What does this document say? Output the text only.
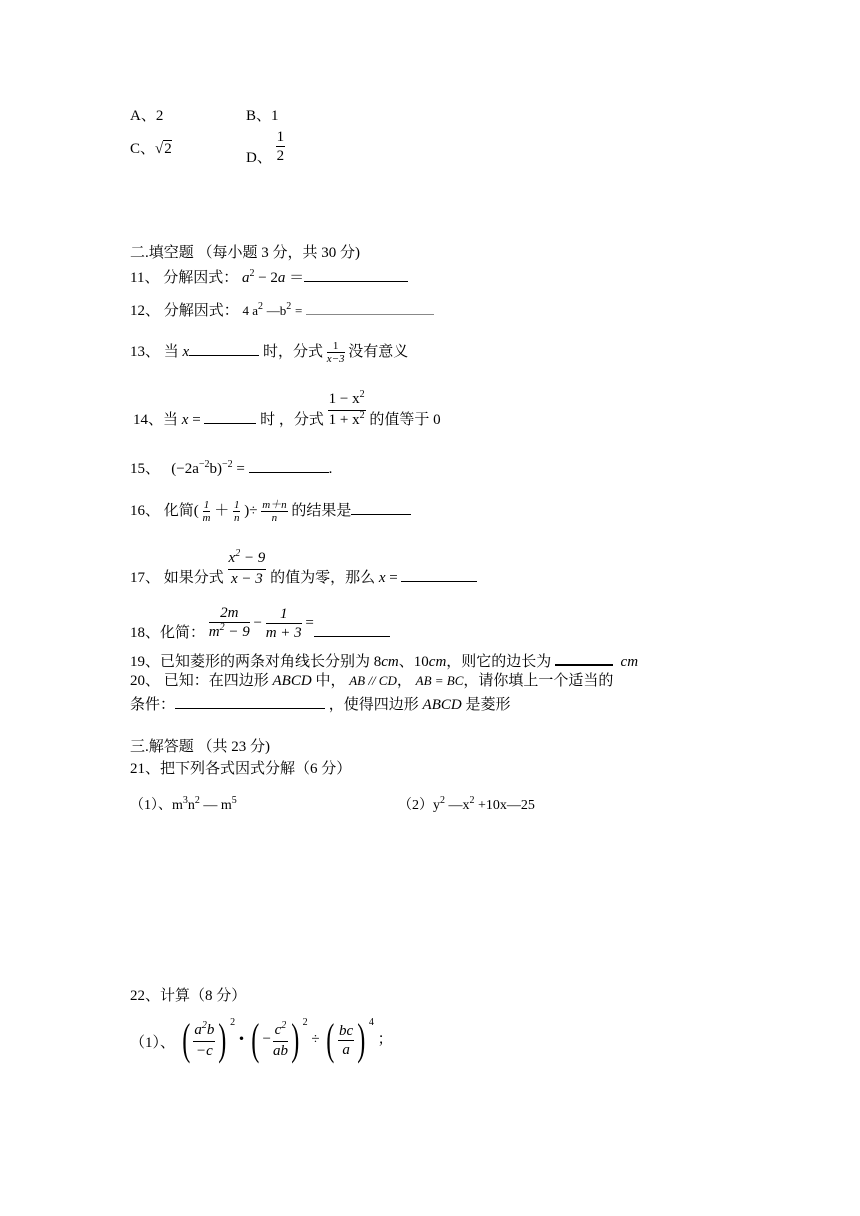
A、2	B、1
C、√2
D、 $\frac{1}{2}$
二.填空题 （每小题 3 分，共 30 分)
11、 分解因式： $a^2 - 2a$ ＝
12、 分解因式： 4 $a^2$ $—b^2$ =
13、 当 x	时，分式 $\frac{1}{x-3}$ 没有意义
14、当 x =	时 ，分式 $\frac{1 - x^2}{1 + x^2}$ 的值等于 0
15、 $(-2a^{-2}b)^{-2}$ =	.
16、 化简( $\frac{1}{m} + \frac{1}{n}$ )÷ $\frac{m+n}{n}$ 的结果是
17、 如果分式 $\frac{x^2 - 9}{x - 3}$ 的值为零，那么 x =
18、化简： $\frac{2m}{m^2 - 9} - \frac{1}{m + 3}$ =
19、已知菱形的两条对角线长分别为 8cm、10cm，则它的边长为	cm
20、 已知：在四边形 ABCD 中， AB // CD， AB = BC，请你填上一个适当的
条件：	，使得四边形 ABCD 是菱形
三.解答题 （共 23 分)
21、把下列各式因式分解（6 分）
（1）、$m^3n^2$ — $m^5$	$(2)y^2$ $—x^2$ +10x—25
22、计算（8 分）
（1）、 ( $\frac{a^2b}{-c}$ ) $^2$ • ( − $\frac{c^2}{ab}$ ) $^2$ ÷ ( $\frac{bc}{a}$ ) $^4$ ；
